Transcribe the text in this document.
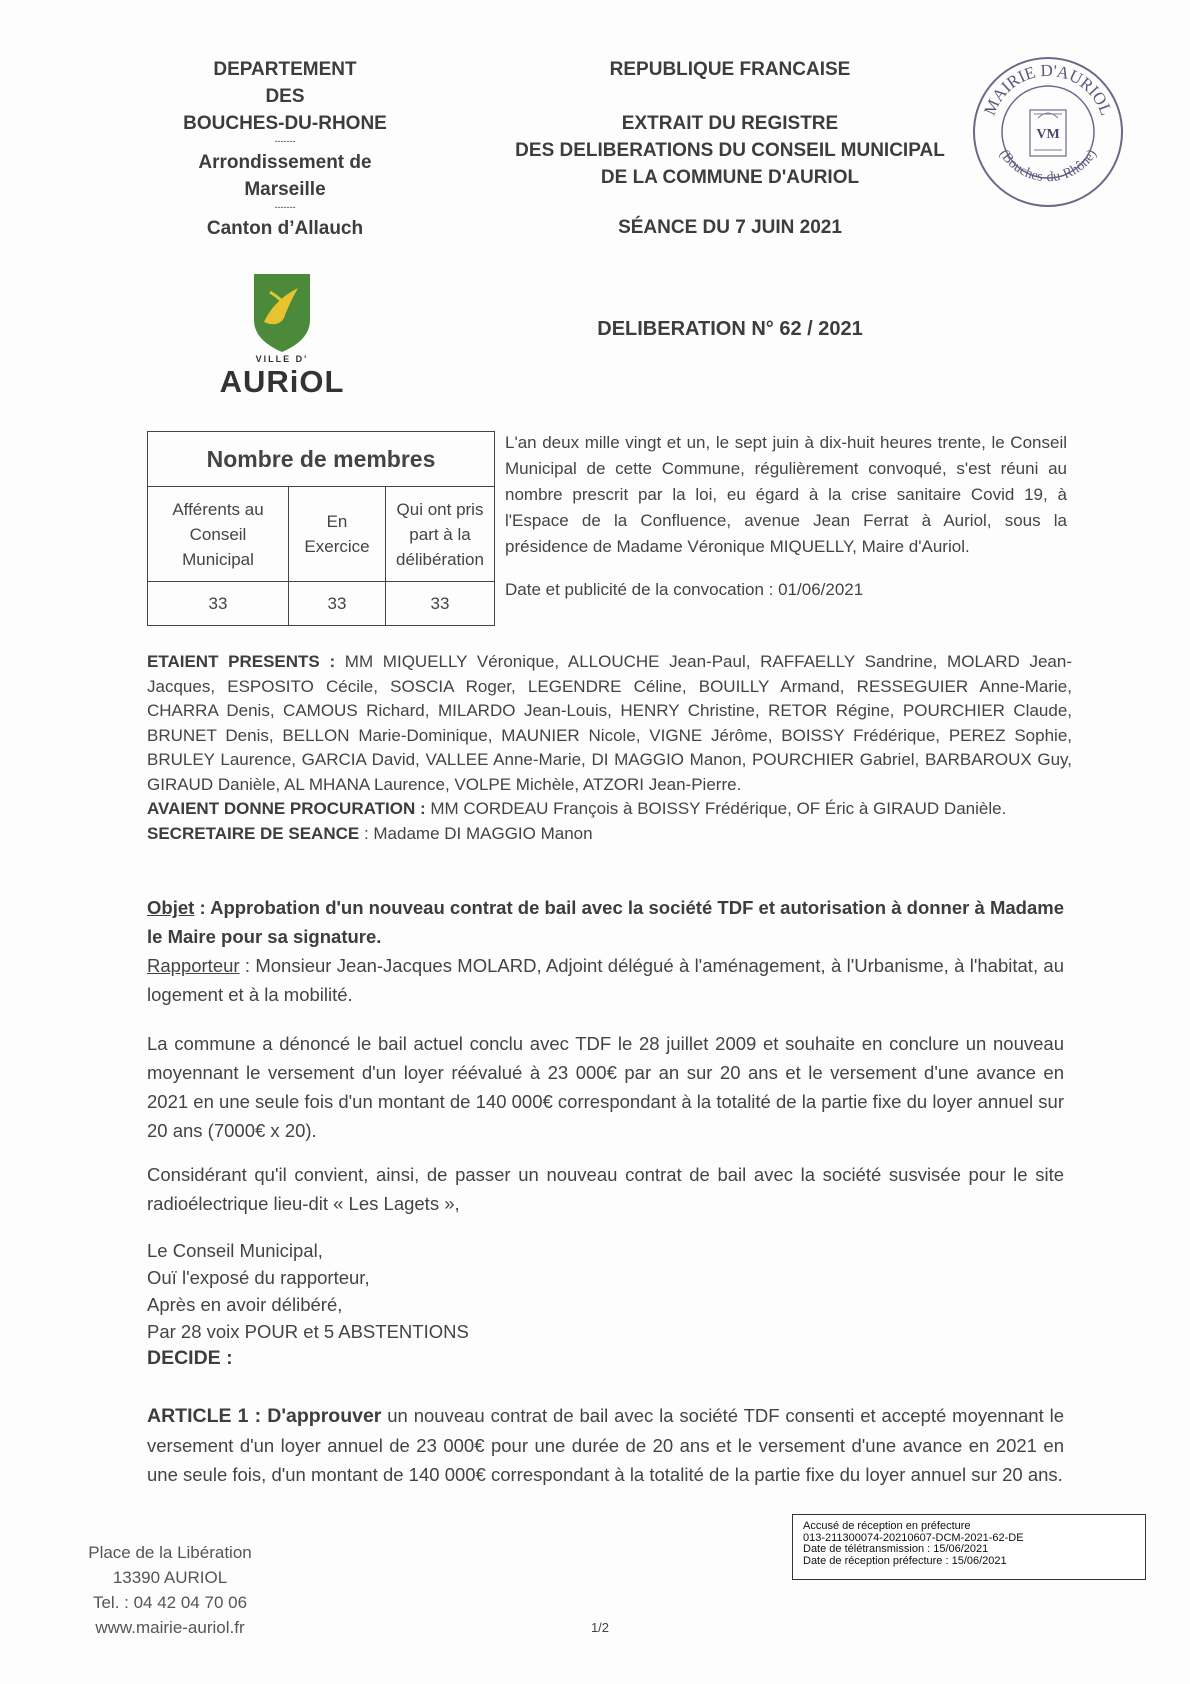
DEPARTEMENT
DES
BOUCHES-DU-RHONE
-------
Arrondissement de
Marseille
-------
Canton d’Allauch
REPUBLIQUE FRANCAISE
EXTRAIT DU REGISTRE
DES DELIBERATIONS DU CONSEIL MUNICIPAL
DE LA COMMUNE D'AURIOL
SÉANCE DU 7 JUIN 2021
MAIRIE D'AURIOL
(Bouches-du-Rhône)
VM
VILLE D'
AURiOL
DELIBERATION N° 62 / 2021
Nombre de membres		
Afférents au Conseil Municipal	En Exercice	Qui ont pris part à la délibération
33	33	33
L'an deux mille vingt et un, le sept juin à dix-huit heures trente, le Conseil Municipal de cette Commune, régulièrement convoqué, s'est réuni au nombre prescrit par la loi, eu égard à la crise sanitaire Covid 19, à l'Espace de la Confluence, avenue Jean Ferrat à Auriol, sous la présidence de Madame Véronique MIQUELLY, Maire d'Auriol.
Date et publicité de la convocation : 01/06/2021
ETAIENT PRESENTS : MM MIQUELLY Véronique, ALLOUCHE Jean-Paul, RAFFAELLY Sandrine, MOLARD Jean-Jacques, ESPOSITO Cécile, SOSCIA Roger, LEGENDRE Céline, BOUILLY Armand, RESSEGUIER Anne-Marie, CHARRA Denis, CAMOUS Richard, MILARDO Jean-Louis, HENRY Christine, RETOR Régine, POURCHIER Claude, BRUNET Denis, BELLON Marie-Dominique, MAUNIER Nicole, VIGNE Jérôme, BOISSY Frédérique, PEREZ Sophie, BRULEY Laurence, GARCIA David, VALLEE Anne-Marie, DI MAGGIO Manon, POURCHIER Gabriel, BARBAROUX Guy, GIRAUD Danièle, AL MHANA Laurence, VOLPE Michèle, ATZORI Jean-Pierre.
AVAIENT DONNE PROCURATION : MM CORDEAU François à BOISSY Frédérique, OF Éric à GIRAUD Danièle.
SECRETAIRE DE SEANCE : Madame DI MAGGIO Manon
Objet : Approbation d'un nouveau contrat de bail avec la société TDF et autorisation à donner à Madame le Maire pour sa signature.
Rapporteur : Monsieur Jean-Jacques MOLARD, Adjoint délégué à l'aménagement, à l'Urbanisme, à l'habitat, au logement et à la mobilité.
La commune a dénoncé le bail actuel conclu avec TDF le 28 juillet 2009 et souhaite en conclure un nouveau moyennant le versement d'un loyer réévalué à 23 000€ par an sur 20 ans et le versement d'une avance en 2021 en une seule fois d'un montant de 140 000€ correspondant à la totalité de la partie fixe du loyer annuel sur 20 ans (7000€ x 20).
Considérant qu'il convient, ainsi, de passer un nouveau contrat de bail avec la société susvisée pour le site radioélectrique lieu-dit « Les Lagets »,
Le Conseil Municipal,
Ouï l'exposé du rapporteur,
Après en avoir délibéré,
Par 28 voix POUR et 5 ABSTENTIONS
DECIDE :
ARTICLE 1 : D'approuver un nouveau contrat de bail avec la société TDF consenti et accepté moyennant le versement d'un loyer annuel de 23 000€ pour une durée de 20 ans et le versement d'une avance en 2021 en une seule fois, d'un montant de 140 000€ correspondant à la totalité de la partie fixe du loyer annuel sur 20 ans.
Place de la Libération
13390 AURIOL
Tel. : 04 42 04 70 06
www.mairie-auriol.fr	1/2
Accusé de réception en préfecture
013-211300074-20210607-DCM-2021-62-DE
Date de télétransmission : 15/06/2021
Date de réception préfecture : 15/06/2021
